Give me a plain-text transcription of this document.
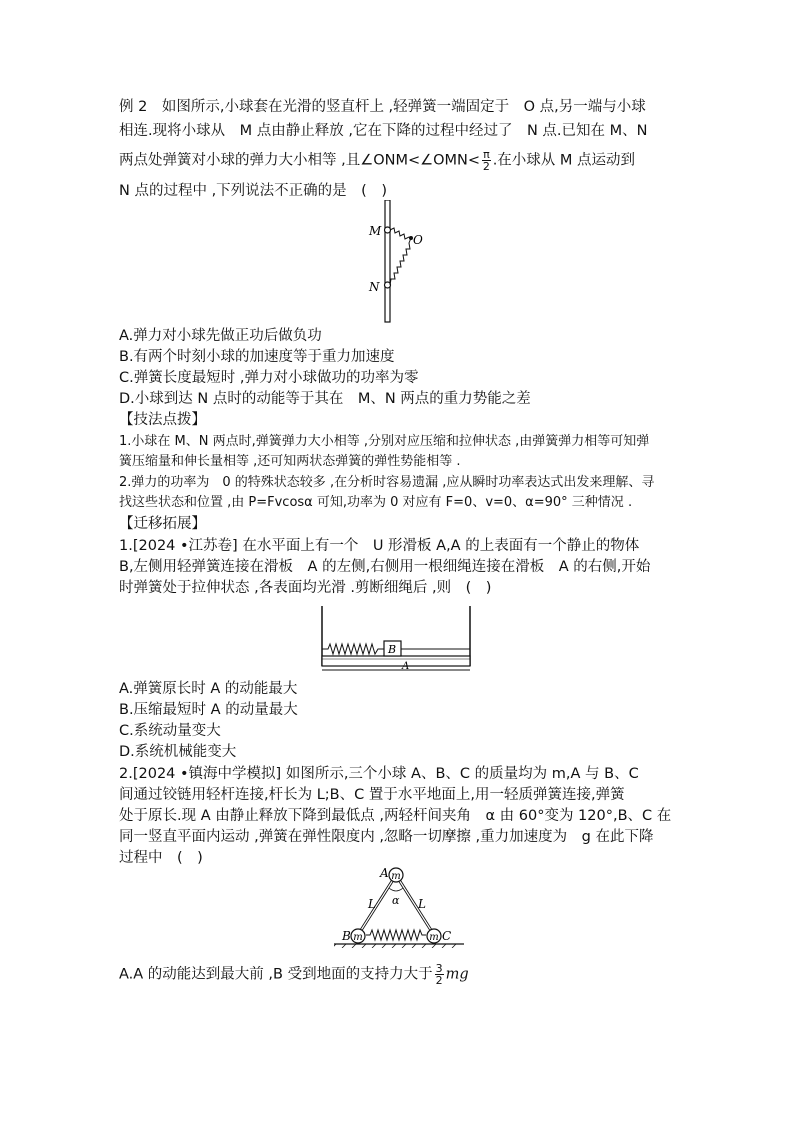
例 2　如图所示,小球套在光滑的竖直杆上 ,轻弹簧一端固定于　O 点,另一端与小球
相连.现将小球从　M 点由静止释放 ,它在下降的过程中经过了　N 点.已知在 M、N
两点处弹簧对小球的弹力大小相等 ,且∠ONM<∠OMN< $\frac{\pi}{2}$ .在小球从 M 点运动到
N 点的过程中 ,下列说法不正确的是　(　)
M
O
N
A.弹力对小球先做正功后做负功
B.有两个时刻小球的加速度等于重力加速度
C.弹簧长度最短时 ,弹力对小球做功的功率为零
D.小球到达 N 点时的动能等于其在　M、N 两点的重力势能之差
【技法点拨】
1.小球在 M、N 两点时,弹簧弹力大小相等 ,分别对应压缩和拉伸状态 ,由弹簧弹力相等可知弹
簧压缩量和伸长量相等 ,还可知两状态弹簧的弹性势能相等 .
2.弹力的功率为　0 的特殊状态较多 ,在分析时容易遗漏 ,应从瞬时功率表达式出发来理解、寻
找这些状态和位置 ,由 P=Fvcosα 可知,功率为 0 对应有 F=0、v=0、α=90° 三种情况 .
【迁移拓展】
1.[2024 •江苏卷] 在水平面上有一个　U 形滑板 A,A 的上表面有一个静止的物体
B,左侧用轻弹簧连接在滑板　A 的左侧,右侧用一根细绳连接在滑板　A 的右侧,开始
时弹簧处于拉伸状态 ,各表面均光滑 .剪断细绳后 ,则　(　)
B
A
A.弹簧原长时 A 的动能最大
B.压缩最短时 A 的动量最大
C.系统动量变大
D.系统机械能变大
2.[2024 •镇海中学模拟] 如图所示,三个小球 A、B、C 的质量均为 m,A 与 B、C
间通过铰链用轻杆连接,杆长为 L;B、C 置于水平地面上,用一轻质弹簧连接,弹簧
处于原长.现 A 由静止释放下降到最低点 ,两轻杆间夹角　α 由 60°变为 120°,B、C 在
同一竖直平面内运动 ,弹簧在弹性限度内 ,忽略一切摩擦 ,重力加速度为　g 在此下降
过程中　(　)
m
m	m
A
B	C
L	L
α
A.A 的动能达到最大前 ,B 受到地面的支持力大于 $\frac{3}{2}$ mg
